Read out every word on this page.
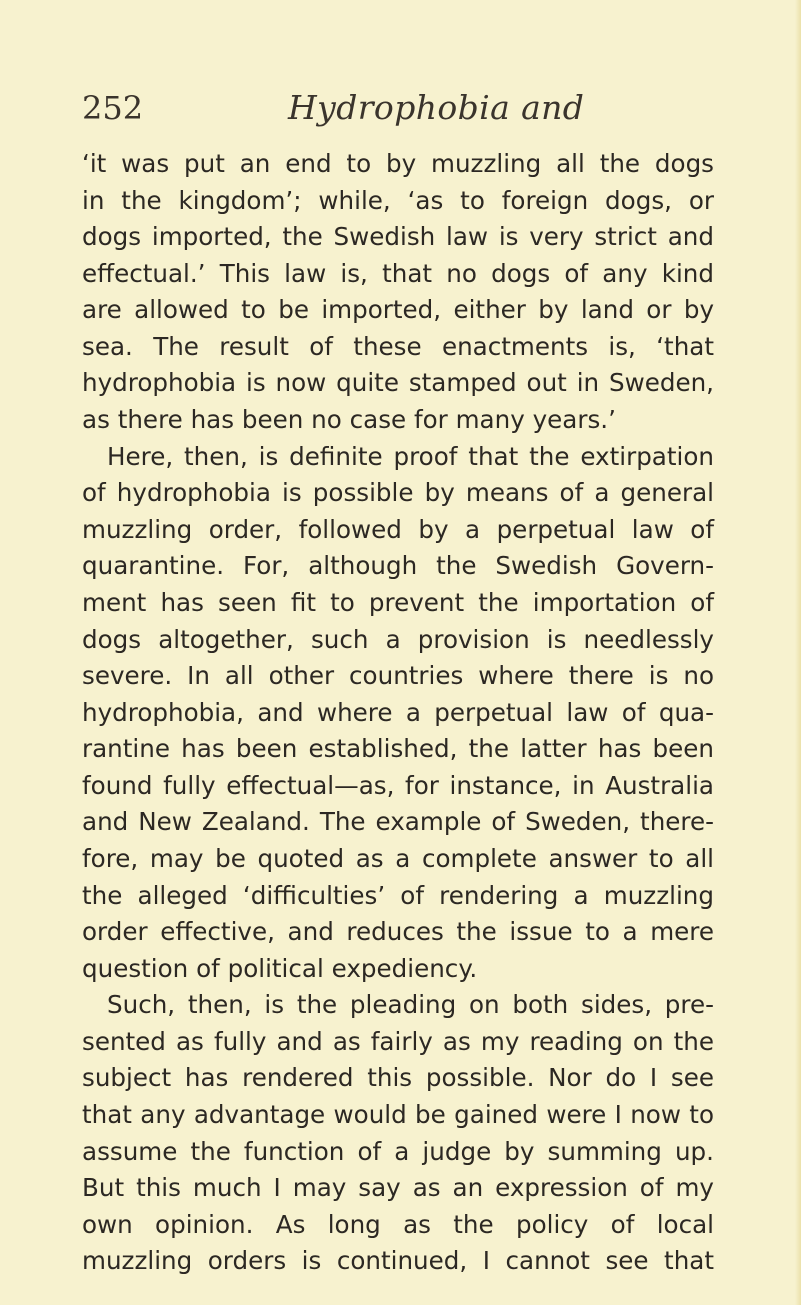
252	Hydrophobia and
‘it was put an end to by muzzling all the dogs
in the kingdom’; while, ‘as to foreign dogs, or
dogs imported, the Swedish law is very strict and
effectual.’ This law is, that no dogs of any kind
are allowed to be imported, either by land or by
sea. The result of these enactments is, ‘that
hydrophobia is now quite stamped out in Sweden,
as there has been no case for many years.’
Here, then, is definite proof that the extirpation
of hydrophobia is possible by means of a general
muzzling order, followed by a perpetual law of
quarantine. For, although the Swedish Govern-
ment has seen fit to prevent the importation of
dogs altogether, such a provision is needlessly
severe. In all other countries where there is no
hydrophobia, and where a perpetual law of qua-
rantine has been established, the latter has been
found fully effectual—as, for instance, in Australia
and New Zealand. The example of Sweden, there-
fore, may be quoted as a complete answer to all
the alleged ‘difficulties’ of rendering a muzzling
order effective, and reduces the issue to a mere
question of political expediency.
Such, then, is the pleading on both sides, pre-
sented as fully and as fairly as my reading on the
subject has rendered this possible. Nor do I see
that any advantage would be gained were I now to
assume the function of a judge by summing up.
But this much I may say as an expression of my
own opinion. As long as the policy of local
muzzling orders is continued, I cannot see that
